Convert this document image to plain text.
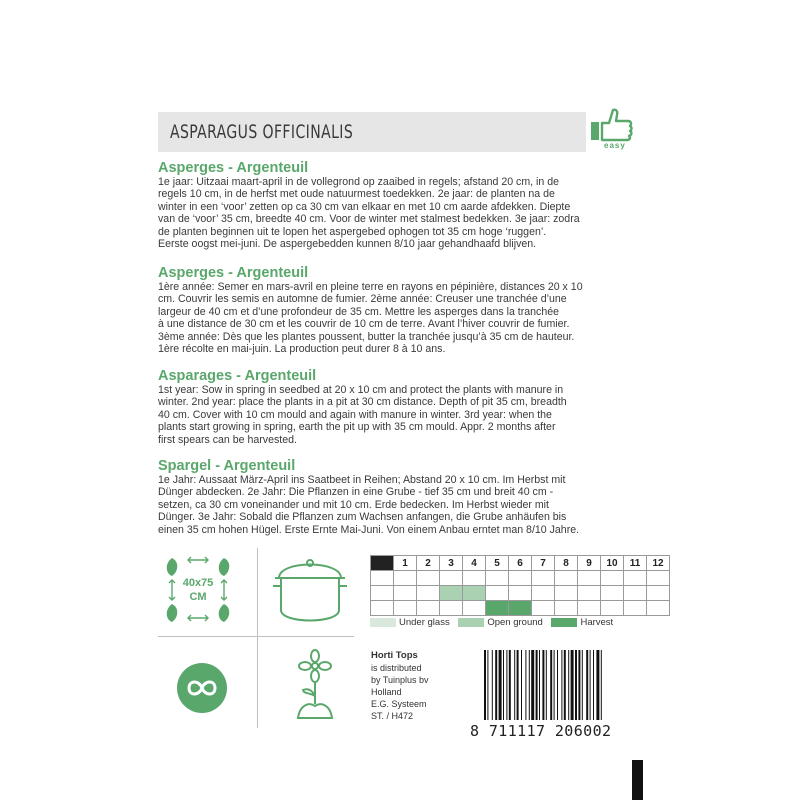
ASPARAGUS OFFICINALIS
easy
Asperges - Argenteuil

1e jaar: Uitzaai maart-april in de vollegrond op zaaibed in regels; afstand 20 cm, in de
regels 10 cm, in de herfst met oude natuurmest toedekken. 2e jaar: de planten na de
winter in een ‘voor’ zetten op ca 30 cm van elkaar en met 10 cm aarde afdekken. Diepte
van de ‘voor’ 35 cm, breedte 40 cm. Voor de winter met stalmest bedekken. 3e jaar: zodra
de planten beginnen uit te lopen het aspergebed ophogen tot 35 cm hoge ‘ruggen’.
Eerste oogst mei-juni. De aspergebedden kunnen 8/10 jaar gehandhaafd blijven.

Asperges - Argenteuil

1ère année: Semer en mars-avril en pleine terre en rayons en pépinière, distances 20 x 10
cm. Couvrir les semis en automne de fumier. 2ème année: Creuser une tranchée d’une
largeur de 40 cm et d’une profondeur de 35 cm. Mettre les asperges dans la tranchée
à une distance de 30 cm et les couvrir de 10 cm de terre. Avant l’hiver couvrir de fumier.
3ème année: Dès que les plantes poussent, butter la tranchée jusqu’à 35 cm de hauteur.
1ère récolte en mai-juin. La production peut durer 8 à 10 ans.

Asparages - Argenteuil

1st year: Sow in spring in seedbed at 20 x 10 cm and protect the plants with manure in
winter. 2nd year: place the plants in a pit at 30 cm distance. Depth of pit 35 cm, breadth
40 cm. Cover with 10 cm mould and again with manure in winter. 3rd year: when the
plants start growing in spring, earth the pit up with 35 cm mould. Appr. 2 months after
first spears can be harvested.

Spargel - Argenteuil

1e Jahr: Aussaat März-April ins Saatbeet in Reihen; Abstand 20 x 10 cm. Im Herbst mit
Dünger abdecken. 2e Jahr: Die Pflanzen in eine Grube - tief 35 cm und breit 40 cm -
setzen, ca 30 cm voneinander und mit 10 cm. Erde bedecken. Im Herbst wieder mit
Dünger. 3e Jahr: Sobald die Pflanzen zum Wachsen anfangen, die Grube anhäufen bis
einen 35 cm hohen Hügel. Erste Ernte Mai-Juni. Von einem Anbau erntet man 8/10 Jahre.

40x75
CM
	1	2	3	4	5	6	7	8	9	10	11	12

Under glass	Open ground	Harvest
Horti Tops
is distributed
by Tuinplus bv
Holland
E.G. Systeem
ST. / H472
8 711117 206002
